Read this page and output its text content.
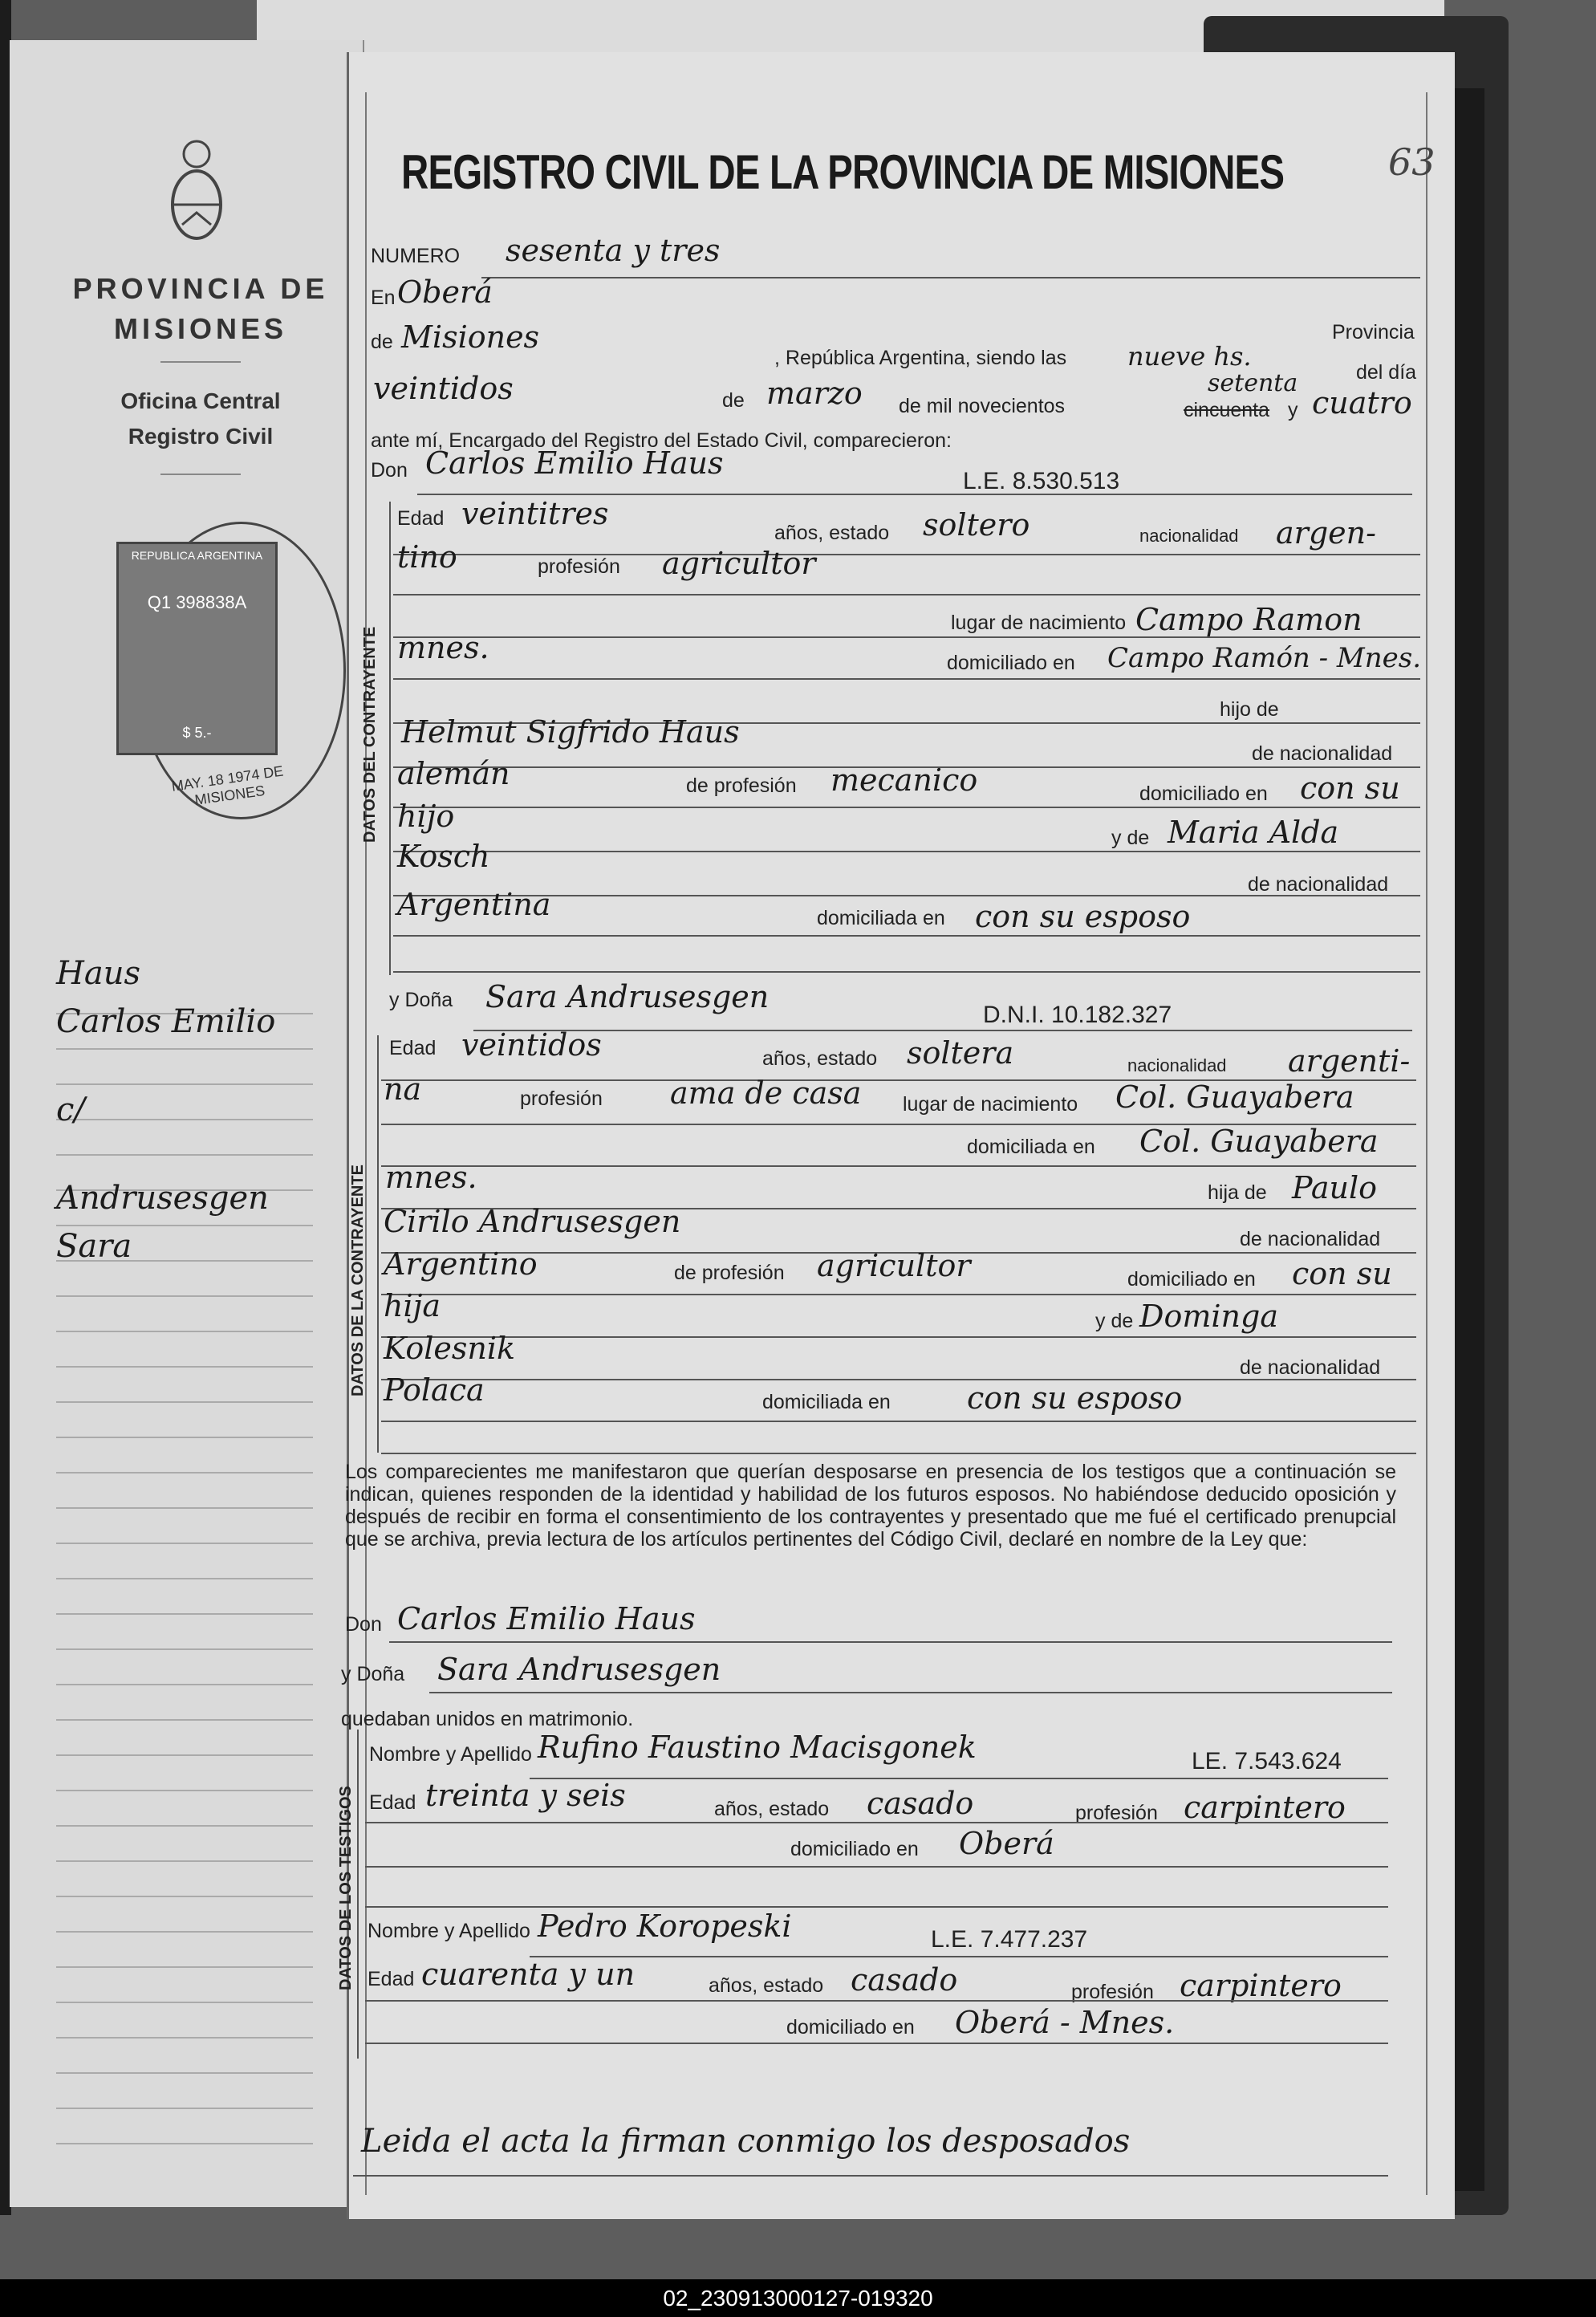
PROVINCIA DE MISIONES
Oficina Central
Registro Civil
REPUBLICA ARGENTINA
Q1 398838A
$ 5.-
MAY. 18 1974 DE MISIONES
Haus
Carlos Emilio
c/
Andrusesgen
Sara
REGISTRO CIVIL DE LA PROVINCIA DE MISIONES	63
NUMERO sesenta y tres
En Oberá
Provincia
de Misiones
, República Argentina, siendo las nueve hs.
del día
veintidos	de marzo de mil novecientos	cincuenta
setenta
y cuatro
ante mí, Encargado del Registro del Estado Civil, comparecieron:
Don Carlos Emilio Haus
L.E. 8.530.513
DATOS DEL CONTRAYENTE
Edad veintitres
años, estado soltero	nacionalidad argen-
tino	profesión agricultor
lugar de nacimiento Campo Ramon
mnes.	domiciliado en Campo Ramón - Mnes.
hijo de
Helmut Sigfrido Haus
de nacionalidad
alemán	de profesión mecanico	domiciliado en con su
hijo
y de Maria Alda
Kosch
de nacionalidad
Argentina	domiciliada en con su esposo
y Doña Sara Andrusesgen
D.N.I. 10.182.327
DATOS DE LA CONTRAYENTE
Edad veintidos	años, estado soltera	nacionalidad argenti-
na	profesión ama de casa lugar de nacimiento Col. Guayabera
domiciliada en Col. Guayabera
mnes.	hija de Paulo
Cirilo Andrusesgen	de nacionalidad
Argentino	de profesión agricultor	domiciliado en con su
hija	y de Dominga
Kolesnik
de nacionalidad
Polaca	domiciliada en	con su esposo
Los comparecientes me manifestaron que querían desposarse en presencia de los testigos que a continuación se indican, quienes responden de la identidad y habilidad de los futuros esposos. No habiéndose deducido oposición y después de recibir en forma el consentimiento de los contrayentes y presentado que me fué el certificado prenupcial que se archiva, previa lectura de los artículos pertinentes del Código Civil, declaré en nombre de la Ley que:
Don Carlos Emilio Haus
y Doña Sara Andrusesgen
quedaban unidos en matrimonio.
DATOS DE LOS TESTIGOS
Nombre y Apellido Rufino Faustino Macisgonek	LE. 7.543.624
Edad treinta y seis	años, estado casado	profesión carpintero
domiciliado en Oberá
Nombre y Apellido Pedro Koropeski	L.E. 7.477.237
Edad cuarenta y un	años, estado casado	profesión carpintero
domiciliado en Oberá - Mnes.
Leida el acta la firman conmigo los desposados
02_230913000127-019320
